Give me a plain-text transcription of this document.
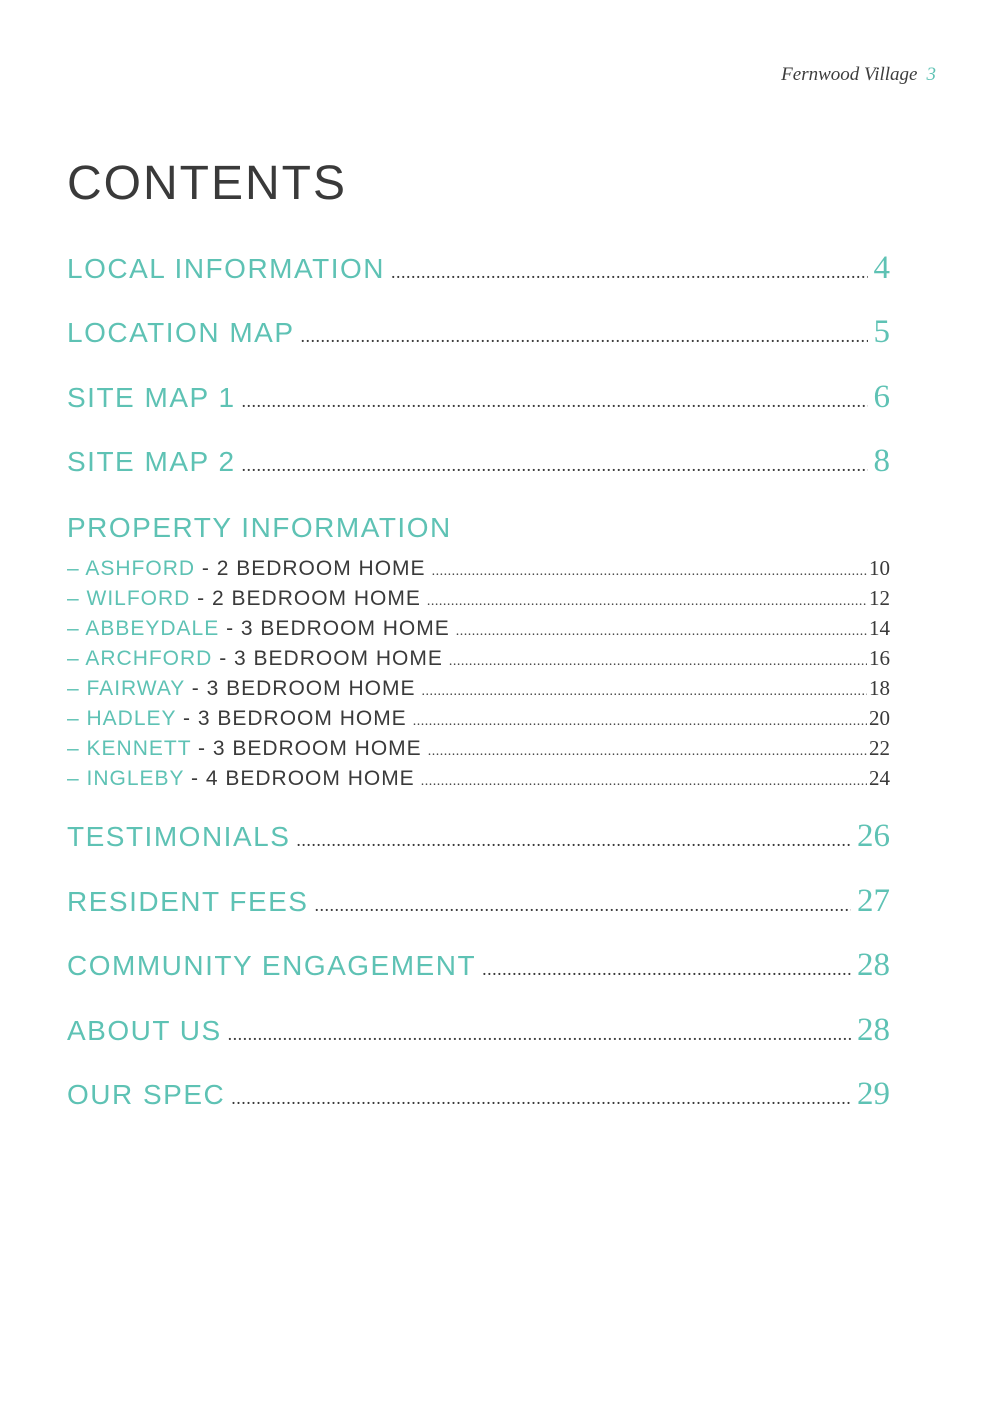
Fernwood Village 3
CONTENTS
LOCAL INFORMATION .....	4
LOCATION MAP .....	5
SITE MAP 1 .....	6
SITE MAP 2 .....	8
PROPERTY INFORMATION
– ASHFORD - 2 BEDROOM HOME .....	10
– WILFORD - 2 BEDROOM HOME .....	12
– ABBEYDALE - 3 BEDROOM HOME .....	14
– ARCHFORD - 3 BEDROOM HOME .....	16
– FAIRWAY - 3 BEDROOM HOME .....	18
– HADLEY - 3 BEDROOM HOME .....	20
– KENNETT - 3 BEDROOM HOME .....	22
– INGLEBY - 4 BEDROOM HOME .....	24
TESTIMONIALS .....	26
RESIDENT FEES .....	27
COMMUNITY ENGAGEMENT .....	28
ABOUT US .....	28
OUR SPEC .....	29
